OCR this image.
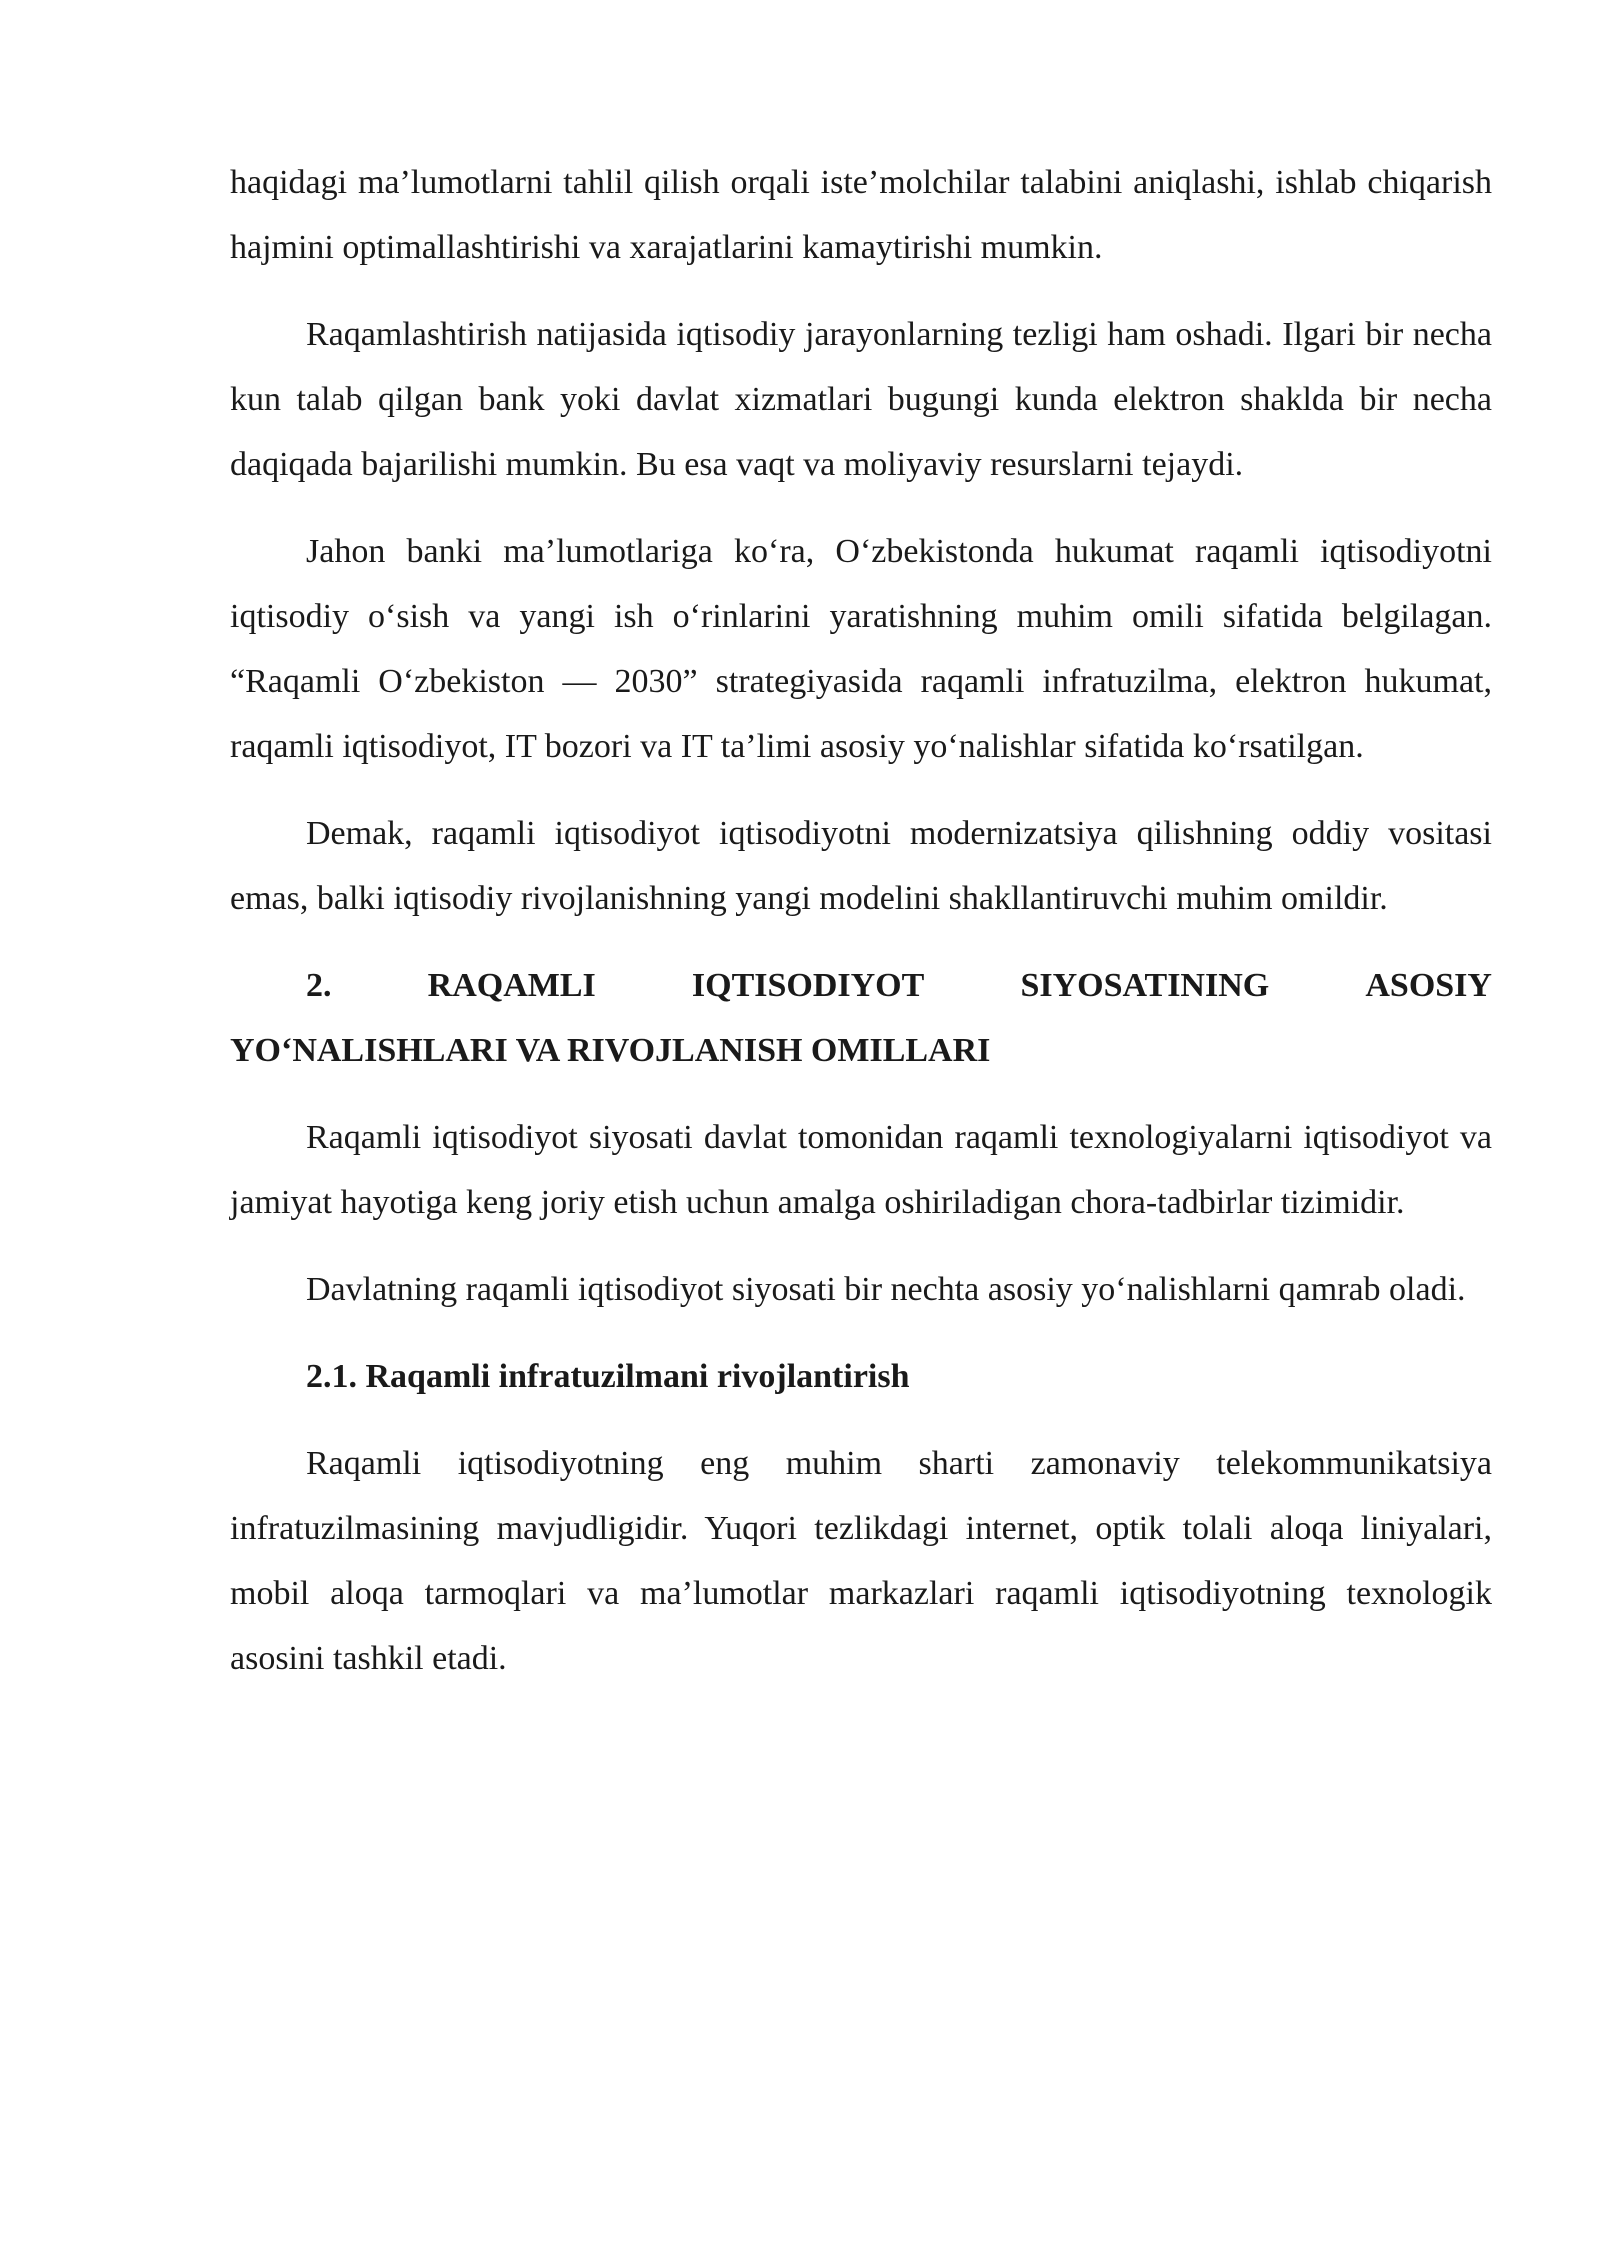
haqidagi ma’lumotlarni tahlil qilish orqali iste’molchilar talabini aniqlashi, ishlab chiqarish hajmini optimallashtirishi va xarajatlarini kamaytirishi mumkin.

Raqamlashtirish natijasida iqtisodiy jarayonlarning tezligi ham oshadi. Ilgari bir necha kun talab qilgan bank yoki davlat xizmatlari bugungi kunda elektron shaklda bir necha daqiqada bajarilishi mumkin. Bu esa vaqt va moliyaviy resurslarni tejaydi.

Jahon banki ma’lumotlariga ko‘ra, O‘zbekistonda hukumat raqamli iqtisodiyotni iqtisodiy o‘sish va yangi ish o‘rinlarini yaratishning muhim omili sifatida belgilagan. “Raqamli O‘zbekiston — 2030” strategiyasida raqamli infratuzilma, elektron hukumat, raqamli iqtisodiyot, IT bozori va IT ta’limi asosiy yo‘nalishlar sifatida ko‘rsatilgan.

Demak, raqamli iqtisodiyot iqtisodiyotni modernizatsiya qilishning oddiy vositasi emas, balki iqtisodiy rivojlanishning yangi modelini shakllantiruvchi muhim omildir.

2.	RAQAMLI	IQTISODIYOT	SIYOSATINING	ASOSIY
YO‘NALISHLARI VA RIVOJLANISH OMILLARI

Raqamli iqtisodiyot siyosati davlat tomonidan raqamli texnologiyalarni iqtisodiyot va jamiyat hayotiga keng joriy etish uchun amalga oshiriladigan chora-tadbirlar tizimidir.

Davlatning raqamli iqtisodiyot siyosati bir nechta asosiy yo‘nalishlarni qamrab oladi.

2.1. Raqamli infratuzilmani rivojlantirish

Raqamli iqtisodiyotning eng muhim sharti zamonaviy telekommunikatsiya infratuzilmasining mavjudligidir. Yuqori tezlikdagi internet, optik tolali aloqa liniyalari, mobil aloqa tarmoqlari va ma’lumotlar markazlari raqamli iqtisodiyotning texnologik asosini tashkil etadi.
